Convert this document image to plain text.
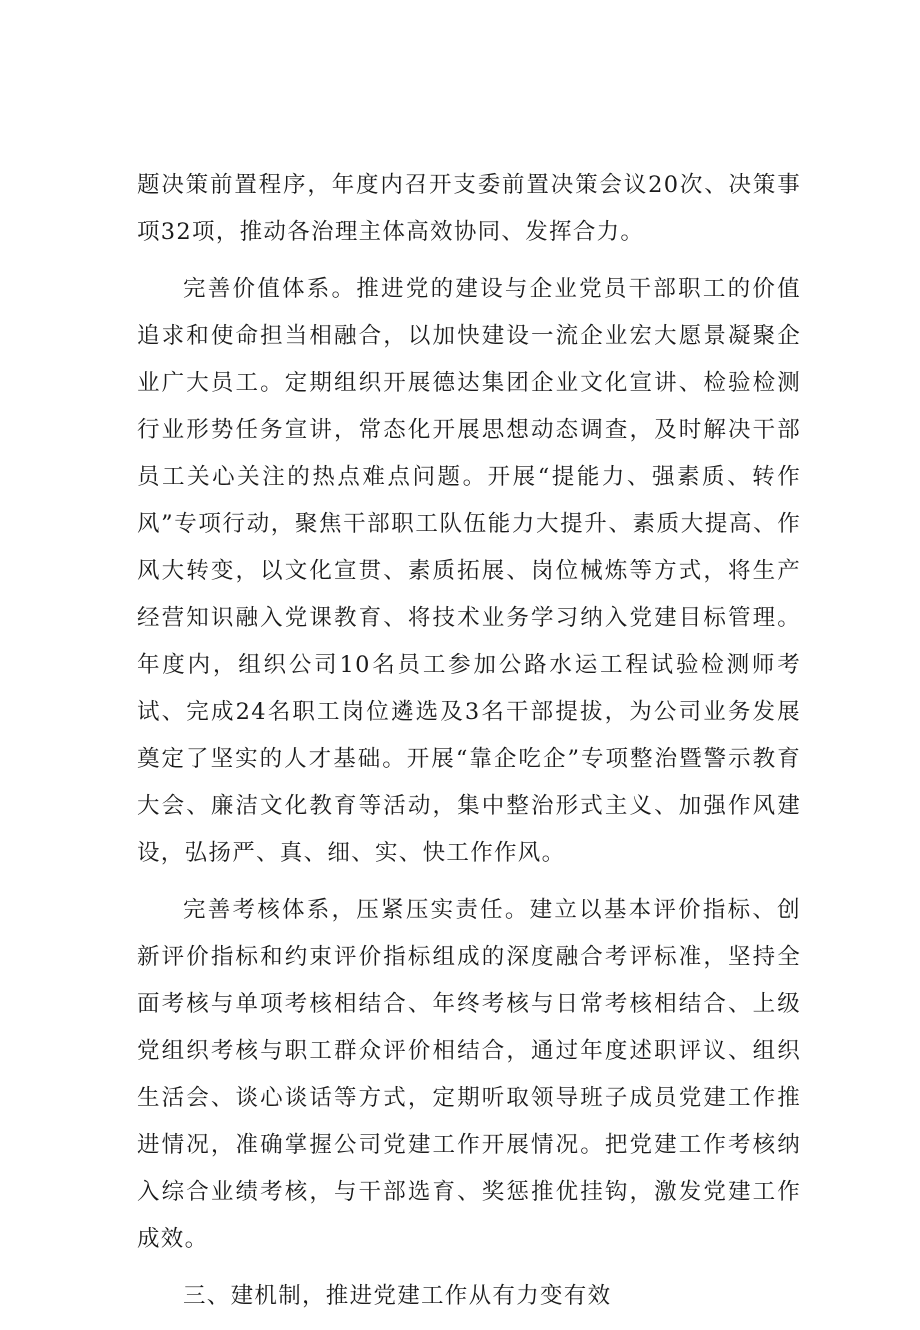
题决策前置程序，年度内召开支委前置决策会议20次、决策事项32项，推动各治理主体高效协同、发挥合力。

完善价值体系。推进党的建设与企业党员干部职工的价值追求和使命担当相融合，以加快建设一流企业宏大愿景凝聚企业广大员工。定期组织开展德达集团企业文化宣讲、检验检测行业形势任务宣讲，常态化开展思想动态调查，及时解决干部员工关心关注的热点难点问题。开展“提能力、强素质、转作风”专项行动，聚焦干部职工队伍能力大提升、素质大提高、作风大转变，以文化宣贯、素质拓展、岗位械炼等方式，将生产经营知识融入党课教育、将技术业务学习纳入党建目标管理。年度内，组织公司10名员工参加公路水运工程试验检测师考试、完成24名职工岗位遴选及3名干部提拔，为公司业务发展奠定了坚实的人才基础。开展“靠企吃企”专项整治暨警示教育大会、廉洁文化教育等活动，集中整治形式主义、加强作风建设，弘扬严、真、细、实、快工作作风。

完善考核体系，压紧压实责任。建立以基本评价指标、创新评价指标和约束评价指标组成的深度融合考评标准，坚持全面考核与单项考核相结合、年终考核与日常考核相结合、上级党组织考核与职工群众评价相结合，通过年度述职评议、组织生活会、谈心谈话等方式，定期听取领导班子成员党建工作推进情况，准确掌握公司党建工作开展情况。把党建工作考核纳入综合业绩考核，与干部选育、奖惩推优挂钩，激发党建工作成效。

三、建机制，推进党建工作从有力变有效
